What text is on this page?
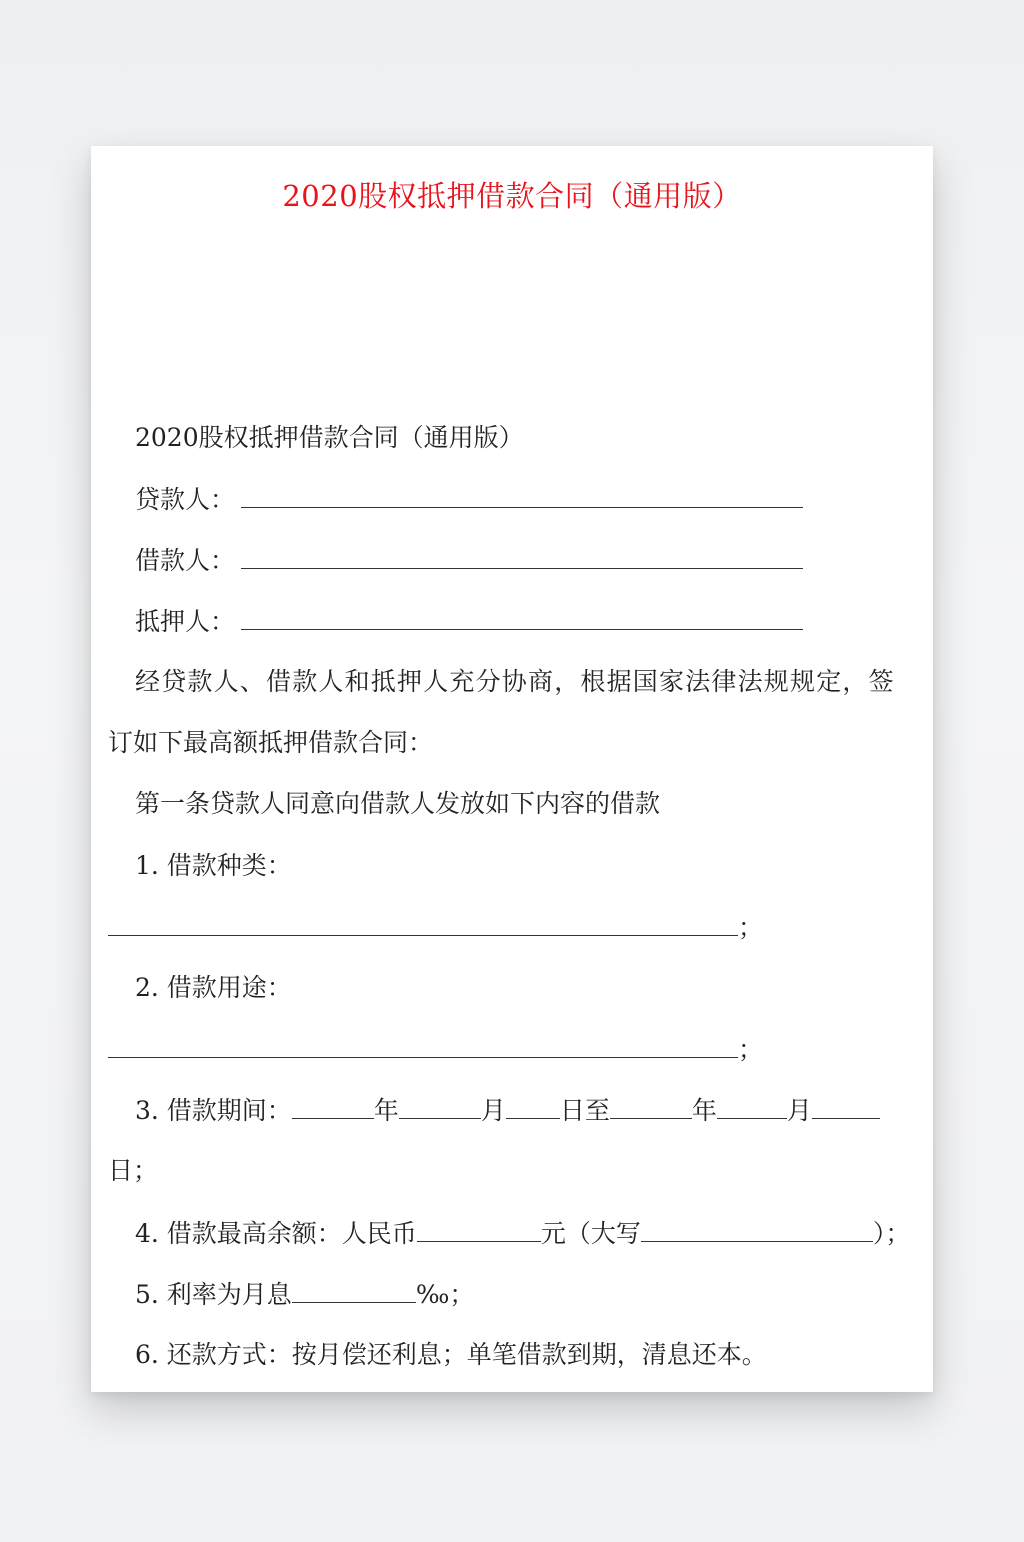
2020股权抵押借款合同（通用版）
2020股权抵押借款合同（通用版）
贷款人：
借款人：
抵押人：
经贷款人、借款人和抵押人充分协商，根据国家法律法规规定，签
订如下最高额抵押借款合同：
第一条贷款人同意向借款人发放如下内容的借款
1. 借款种类：
；
2. 借款用途：
；
3. 借款期间：	年	月 日至	年	月
日；
4. 借款最高余额：人民币	元（大写	）；
5. 利率为月息	‰；
6. 还款方式：按月偿还利息；单笔借款到期，清息还本。
